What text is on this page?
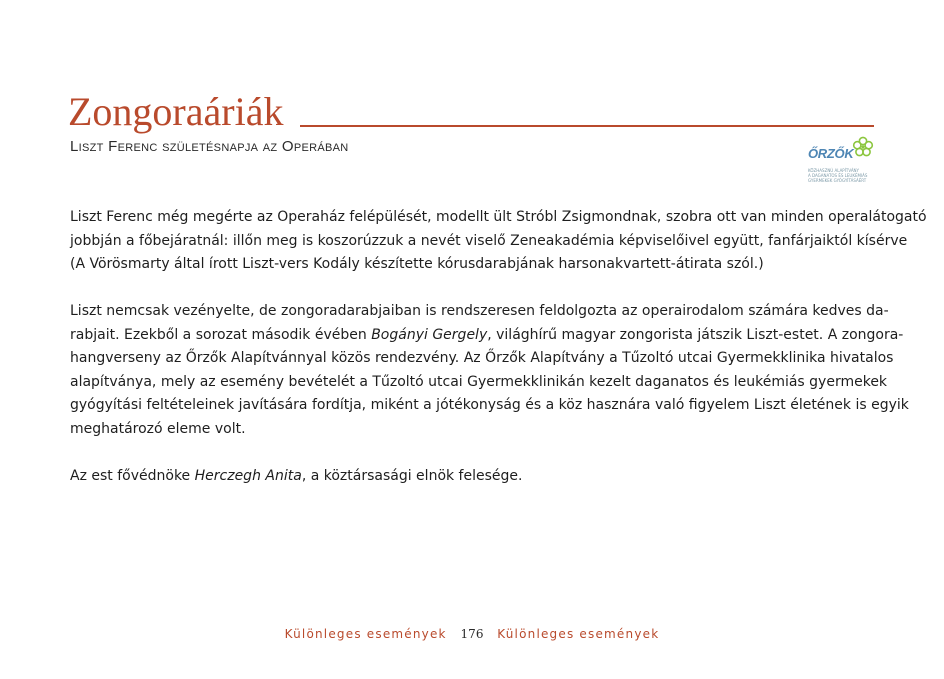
Zongoraáriák
Liszt Ferenc születésnapja az Operában	ŐRZŐK
KÖZHASZNÚ ALAPÍTVÁNY
A DAGANATOS ÉS LEUKÉMIÁS
GYERMEKEK GYÓGYÍTÁSÁÉRT

Liszt Ferenc még megérte az Operaház felépülését, modellt ült Stróbl Zsigmondnak, szobra ott van minden operalátogató
jobbján a főbejáratnál: illőn meg is koszorúzzuk a nevét viselő Zeneakadémia képviselőivel együtt, fanfárjaiktól kísérve
(A Vörösmarty által írott Liszt-vers Kodály készítette kórusdarabjának harsonakvartett-átirata szól.)

Liszt nemcsak vezényelte, de zongoradarabjaiban is rendszeresen feldolgozta az operairodalom számára kedves da-
rabjait. Ezekből a sorozat második évében Bogányi Gergely, világhírű magyar zongorista játszik Liszt-estet. A zongora-
hangverseny az Őrzők Alapítvánnyal közös rendezvény. Az Őrzők Alapítvány a Tűzoltó utcai Gyermekklinika hivatalos
alapítványa, mely az esemény bevételét a Tűzoltó utcai Gyermekklinikán kezelt daganatos és leukémiás gyermekek
gyógyítási feltételeinek javítására fordítja, miként a jótékonyság és a köz hasznára való figyelem Liszt életének is egyik
meghatározó eleme volt.

Az est fővédnöke Herczegh Anita, a köztársasági elnök felesége.

Különleges események 176 Különleges események
